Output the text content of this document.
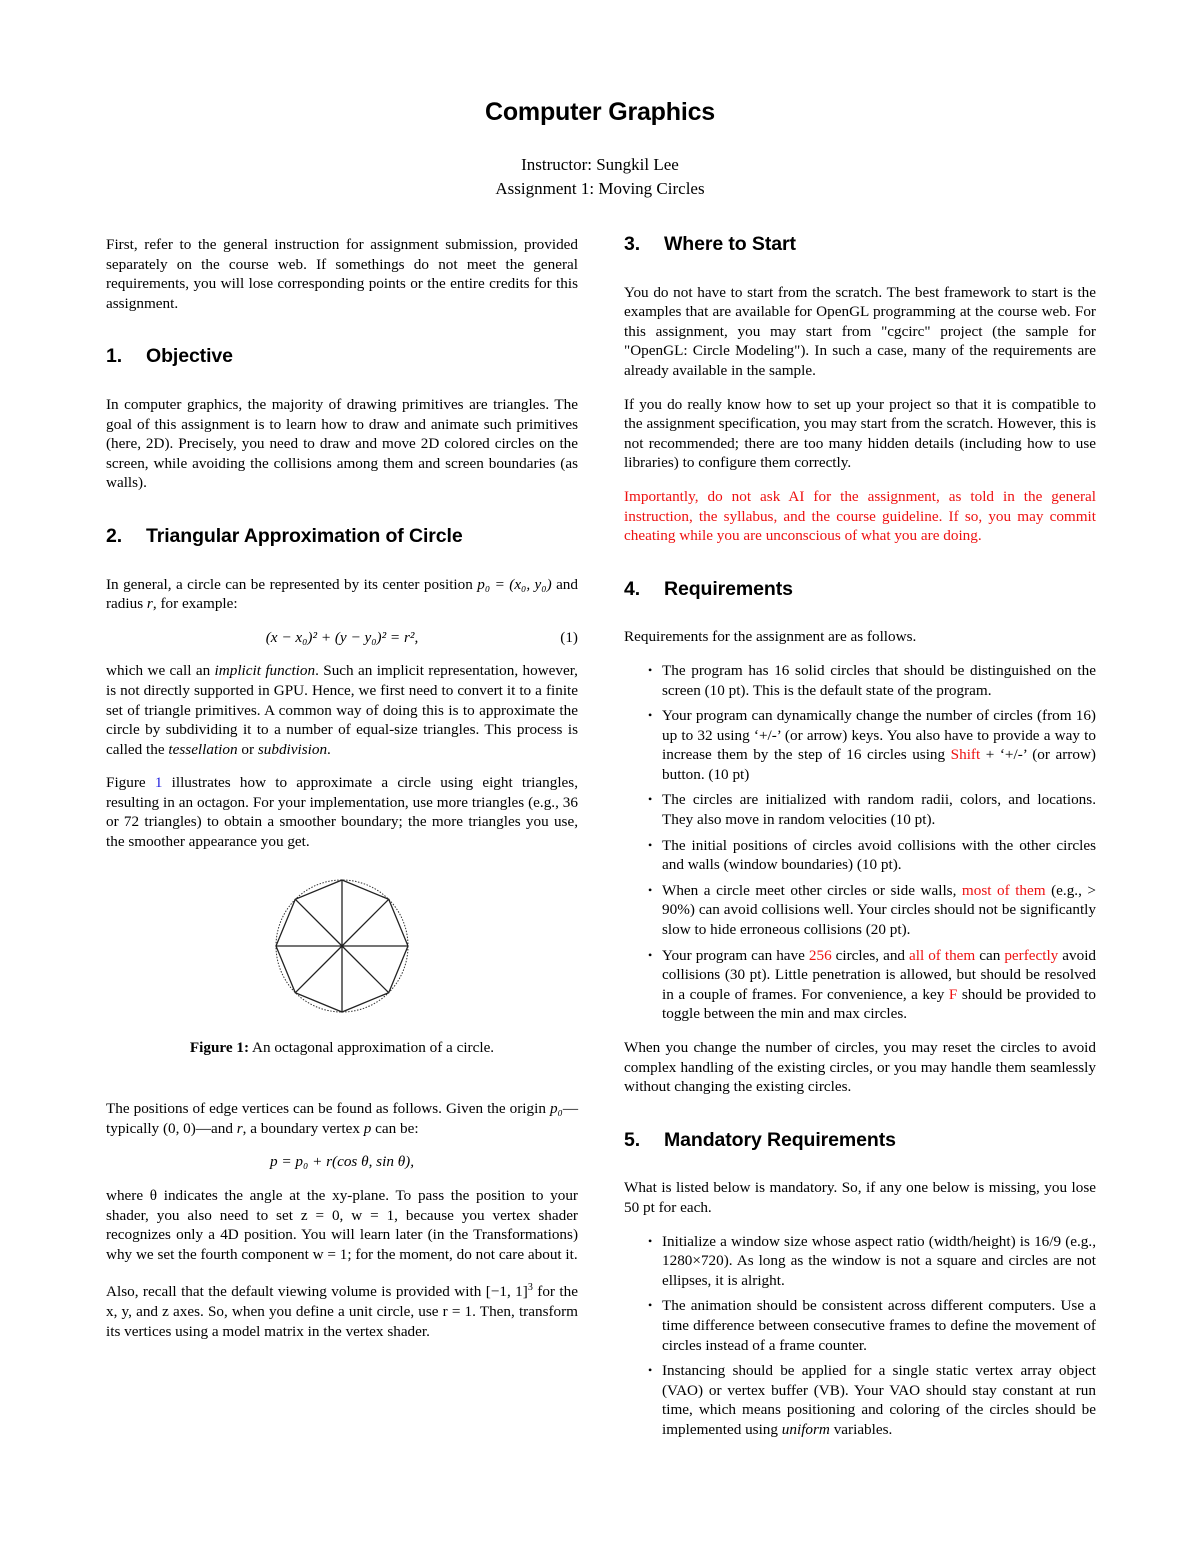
Computer Graphics
Instructor: Sungkil Lee
Assignment 1: Moving Circles

First, refer to the general instruction for assignment submission, provided separately on the course web. If somethings do not meet the general requirements, you will lose corresponding points or the entire credits for this assignment.

1. Objective

In computer graphics, the majority of drawing primitives are triangles. The goal of this assignment is to learn how to draw and animate such primitives (here, 2D). Precisely, you need to draw and move 2D colored circles on the screen, while avoiding the collisions among them and screen boundaries (as walls).

2. Triangular Approximation of Circle

In general, a circle can be represented by its center position p₀ = (x₀, y₀) and radius r, for example:

(x − x₀)² + (y − y₀)² = r²,	(1)

which we call an implicit function. Such an implicit representation, however, is not directly supported in GPU. Hence, we first need to convert it to a finite set of triangle primitives. A common way of doing this is to approximate the circle by subdividing it to a number of equal-size triangles. This process is called the tessellation or subdivision.

Figure 1 illustrates how to approximate a circle using eight triangles, resulting in an octagon. For your implementation, use more triangles (e.g., 36 or 72 triangles) to obtain a smoother boundary; the more triangles you use, the smoother appearance you get.

Figure 1: An octagonal approximation of a circle.

The positions of edge vertices can be found as follows. Given the origin p₀—typically (0, 0)—and r, a boundary vertex p can be:

p = p₀ + r(cos θ, sin θ),

where θ indicates the angle at the xy-plane. To pass the position to your shader, you also need to set z = 0, w = 1, because you vertex shader recognizes only a 4D position. You will learn later (in the Transformations) why we set the fourth component w = 1; for the moment, do not care about it.

Also, recall that the default viewing volume is provided with [−1, 1]$^3$ for the x, y, and z axes. So, when you define a unit circle, use r = 1. Then, transform its vertices using a model matrix in the vertex shader.

3. Where to Start

You do not have to start from the scratch. The best framework to start is the examples that are available for OpenGL programming at the course web. For this assignment, you may start from "cgcirc" project (the sample for "OpenGL: Circle Modeling"). In such a case, many of the requirements are already available in the sample.

If you do really know how to set up your project so that it is compatible to the assignment specification, you may start from the scratch. However, this is not recommended; there are too many hidden details (including how to use libraries) to configure them correctly.

Importantly, do not ask AI for the assignment, as told in the general instruction, the syllabus, and the course guideline. If so, you may commit cheating while you are unconscious of what you are doing.

4. Requirements

Requirements for the assignment are as follows.

• The program has 16 solid circles that should be distinguished on the screen (10 pt). This is the default state of the program.
• Your program can dynamically change the number of circles (from 16) up to 32 using ‘+/-’ (or arrow) keys. You also have to provide a way to increase them by the step of 16 circles using Shift + ‘+/-’ (or arrow) button. (10 pt)
• The circles are initialized with random radii, colors, and locations. They also move in random velocities (10 pt).
• The initial positions of circles avoid collisions with the other circles and walls (window boundaries) (10 pt).
• When a circle meet other circles or side walls, most of them (e.g., > 90%) can avoid collisions well. Your circles should not be significantly slow to hide erroneous collisions (20 pt).
• Your program can have 256 circles, and all of them can perfectly avoid collisions (30 pt). Little penetration is allowed, but should be resolved in a couple of frames. For convenience, a key F should be provided to toggle between the min and max circles.

When you change the number of circles, you may reset the circles to avoid complex handling of the existing circles, or you may handle them seamlessly without changing the existing circles.

5. Mandatory Requirements

What is listed below is mandatory. So, if any one below is missing, you lose 50 pt for each.

• Initialize a window size whose aspect ratio (width/height) is 16/9 (e.g., 1280×720). As long as the window is not a square and circles are not ellipses, it is alright.
• The animation should be consistent across different computers. Use a time difference between consecutive frames to define the movement of circles instead of a frame counter.
• Instancing should be applied for a single static vertex array object (VAO) or vertex buffer (VB). Your VAO should stay constant at run time, which means positioning and coloring of the circles should be implemented using uniform variables.
